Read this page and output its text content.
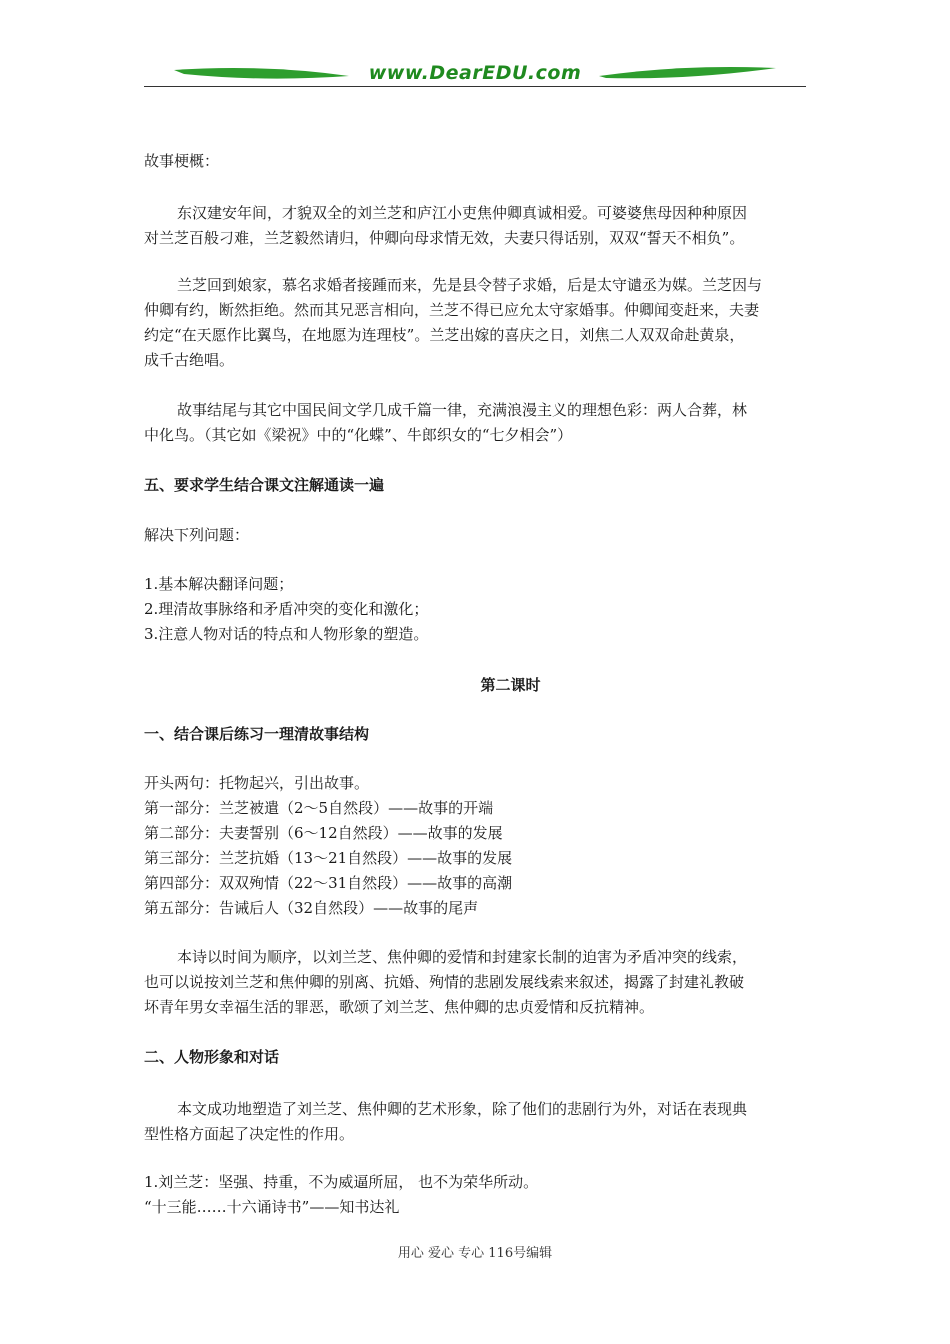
www.DearEDU.com
故事梗概：
东汉建安年间，才貌双全的刘兰芝和庐江小吏焦仲卿真诚相爱。可婆婆焦母因种种原因
对兰芝百般刁难，兰芝毅然请归，仲卿向母求情无效，夫妻只得话别，双双“誓天不相负”。
兰芝回到娘家，慕名求婚者接踵而来，先是县令替子求婚，后是太守谴丞为媒。兰芝因与
仲卿有约，断然拒绝。然而其兄恶言相向，兰芝不得已应允太守家婚事。仲卿闻变赶来，夫妻
约定“在天愿作比翼鸟，在地愿为连理枝”。兰芝出嫁的喜庆之日，刘焦二人双双命赴黄泉，
成千古绝唱。
故事结尾与其它中国民间文学几成千篇一律，充满浪漫主义的理想色彩：两人合葬，林
中化鸟。（其它如《梁祝》中的“化蝶”、牛郎织女的“七夕相会”）
五、要求学生结合课文注解通读一遍
解决下列问题：
1.基本解决翻译问题；
2.理清故事脉络和矛盾冲突的变化和激化；
3.注意人物对话的特点和人物形象的塑造。
第二课时
一、结合课后练习一理清故事结构
开头两句：托物起兴，引出故事。
第一部分：兰芝被遣（2～5自然段）——故事的开端
第二部分：夫妻誓别（6～12自然段）——故事的发展
第三部分：兰芝抗婚（13～21自然段）——故事的发展
第四部分：双双殉情（22～31自然段）——故事的高潮
第五部分：告诫后人（32自然段）——故事的尾声
本诗以时间为顺序，以刘兰芝、焦仲卿的爱情和封建家长制的迫害为矛盾冲突的线索，
也可以说按刘兰芝和焦仲卿的别离、抗婚、殉情的悲剧发展线索来叙述，揭露了封建礼教破
坏青年男女幸福生活的罪恶，歌颂了刘兰芝、焦仲卿的忠贞爱情和反抗精神。
二、人物形象和对话
本文成功地塑造了刘兰芝、焦仲卿的艺术形象，除了他们的悲剧行为外，对话在表现典
型性格方面起了决定性的作用。
1.刘兰芝：坚强、持重，不为威逼所屈， 也不为荣华所动。
“十三能……十六诵诗书”——知书达礼
用心 爱心 专心 116号编辑
